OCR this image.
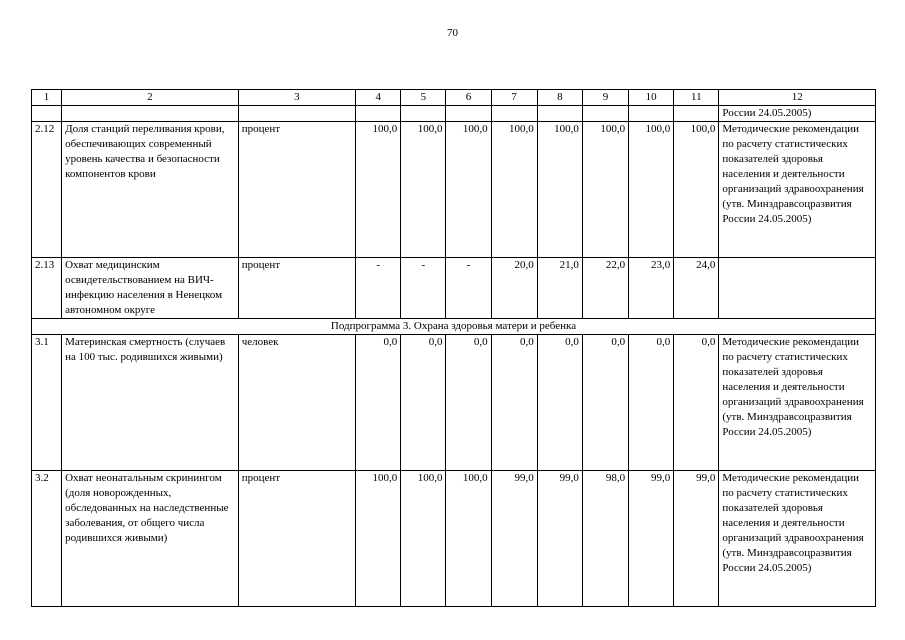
70
1	2	3	4	5	6	7	8	9	10	11	12
											России 24.05.2005)
2.12	Доля станций переливания крови, обеспечивающих современный уровень качества и безопасности компонентов крови	процент	100,0	100,0	100,0	100,0	100,0	100,0	100,0	100,0	Методические рекомендации по расчету статистических показателей здоровья населения и деятельности организаций здравоохранения (утв. Минздравсоцразвития России 24.05.2005)
2.13	Охват медицинским освидетельствованием на ВИЧ-инфекцию населения в Ненецком автономном округе	процент	-	-	-	20,0	21,0	22,0	23,0	24,0	
Подпрограмма 3. Охрана здоровья матери и ребенка											
3.1	Материнская смертность (случаев на 100 тыс. родившихся живыми)	человек	0,0	0,0	0,0	0,0	0,0	0,0	0,0	0,0	Методические рекомендации по расчету статистических показателей здоровья населения и деятельности организаций здравоохранения (утв. Минздравсоцразвития России 24.05.2005)
3.2	Охват неонатальным скринингом (доля новорожденных, обследованных на наследственные заболевания, от общего числа родившихся живыми)	процент	100,0	100,0	100,0	99,0	99,0	98,0	99,0	99,0	Методические рекомендации по расчету статистических показателей здоровья населения и деятельности организаций здравоохранения (утв. Минздравсоцразвития России 24.05.2005)
